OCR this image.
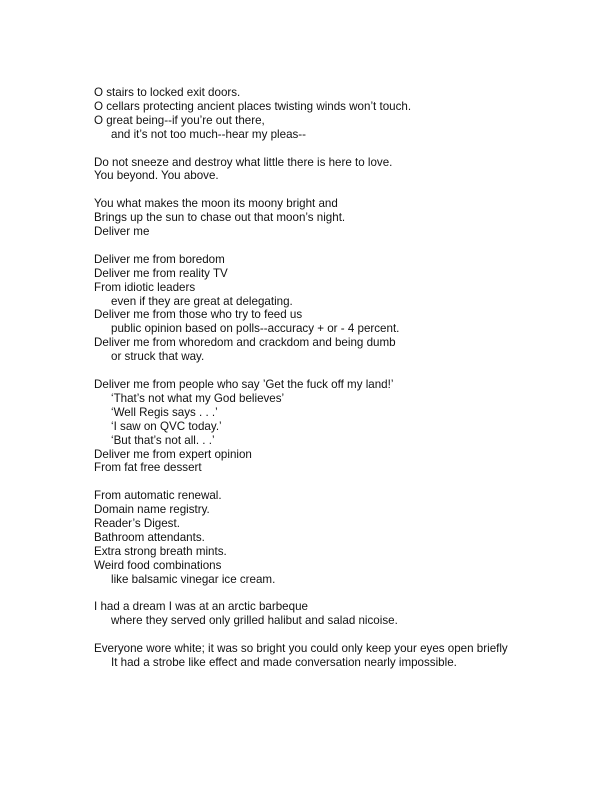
O stairs to locked exit doors.
O cellars protecting ancient places twisting winds won’t touch.
O great being--if you’re out there,
and it’s not too much--hear my pleas--
Do not sneeze and destroy what little there is here to love.
You beyond. You above.
You what makes the moon its moony bright and
Brings up the sun to chase out that moon’s night.
Deliver me
Deliver me from boredom
Deliver me from reality TV
From idiotic leaders
even if they are great at delegating.
Deliver me from those who try to feed us
public opinion based on polls--accuracy + or - 4 percent.
Deliver me from whoredom and crackdom and being dumb
or struck that way.
Deliver me from people who say ’Get the fuck off my land!’
‘That’s not what my God believes’
‘Well Regis says . . .’
‘I saw on QVC today.’
‘But that’s not all. . .’
Deliver me from expert opinion
From fat free dessert
From automatic renewal.
Domain name registry.
Reader’s Digest.
Bathroom attendants.
Extra strong breath mints.
Weird food combinations
like balsamic vinegar ice cream.
I had a dream I was at an arctic barbeque
where they served only grilled halibut and salad nicoise.
Everyone wore white; it was so bright you could only keep your eyes open briefly
It had a strobe like effect and made conversation nearly impossible.
